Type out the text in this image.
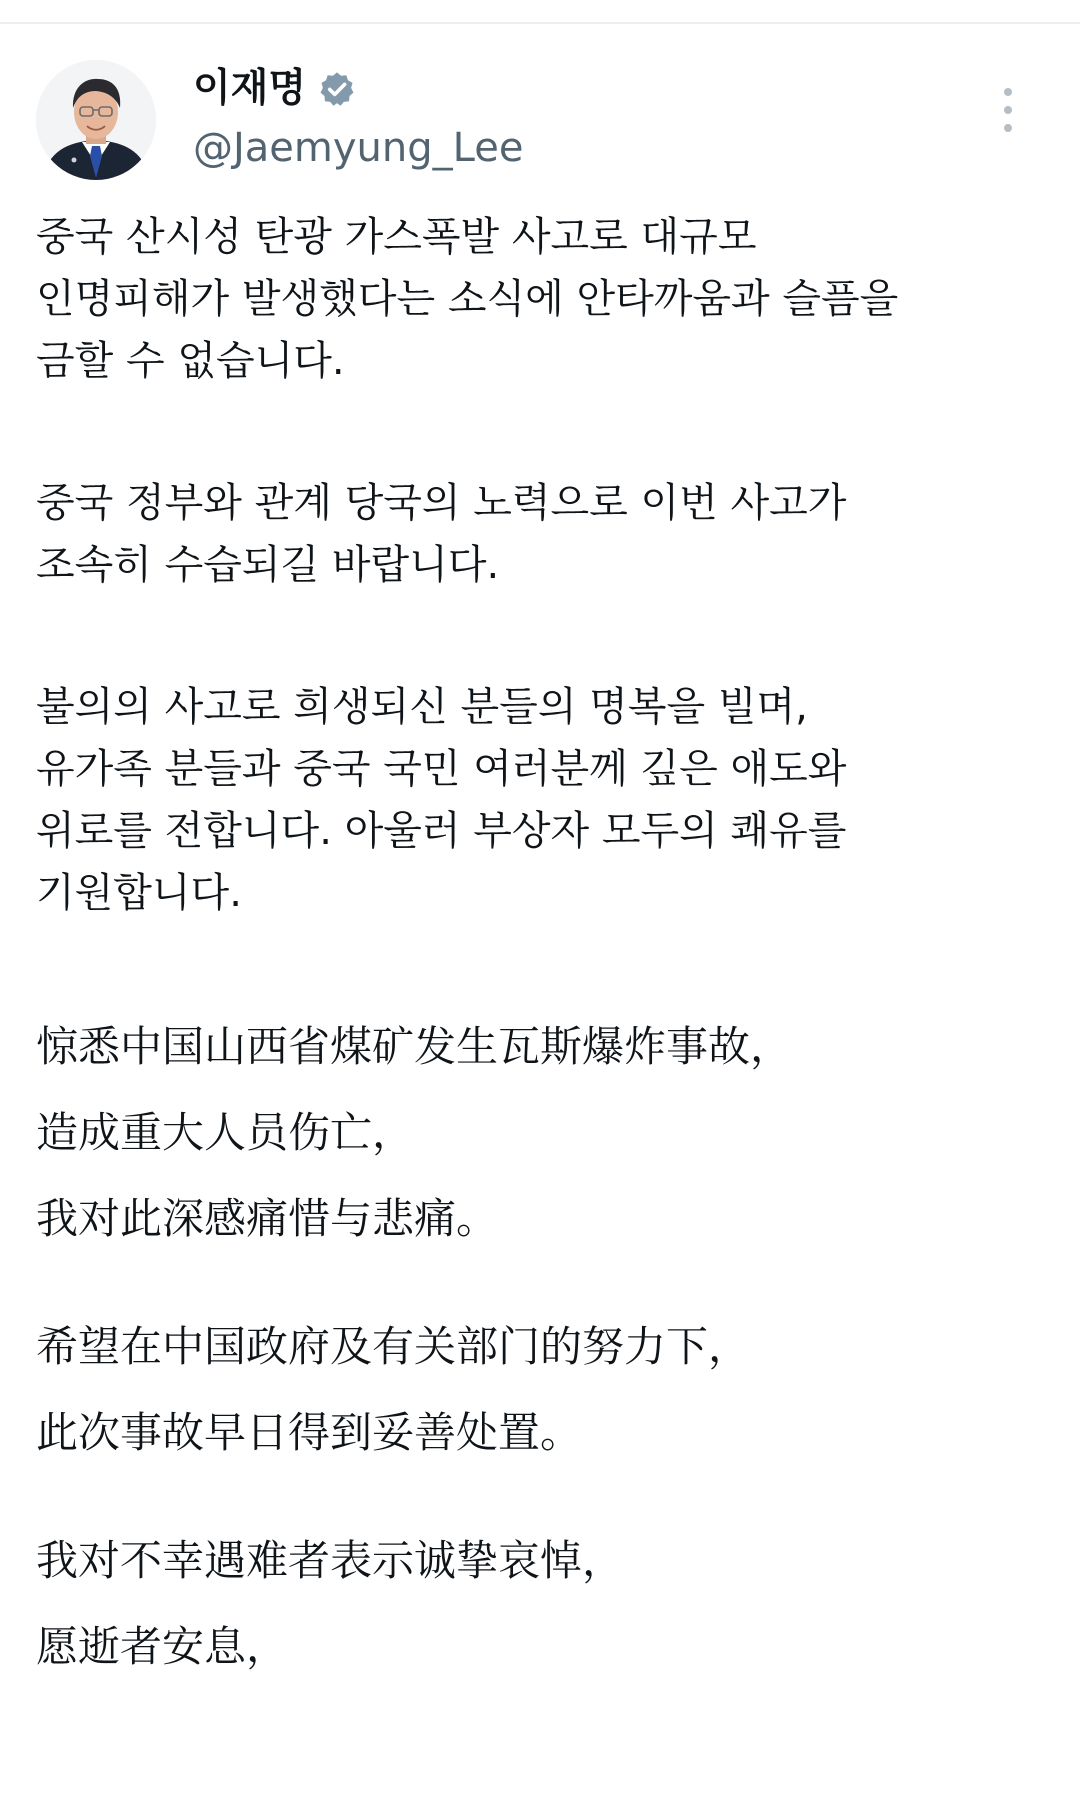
이재명
@Jaemyung_Lee
중국 산시성 탄광 가스폭발 사고로 대규모
인명피해가 발생했다는 소식에 안타까움과 슬픔을
금할 수 없습니다.
중국 정부와 관계 당국의 노력으로 이번 사고가
조속히 수습되길 바랍니다.
불의의 사고로 희생되신 분들의 명복을 빌며,
유가족 분들과 중국 국민 여러분께 깊은 애도와
위로를 전합니다. 아울러 부상자 모두의 쾌유를
기원합니다.
惊悉中国山西省煤矿发生瓦斯爆炸事故，
造成重大人员伤亡，
我对此深感痛惜与悲痛。
希望在中国政府及有关部门的努力下，
此次事故早日得到妥善处置。
我对不幸遇难者表示诚挚哀悼，
愿逝者安息，
